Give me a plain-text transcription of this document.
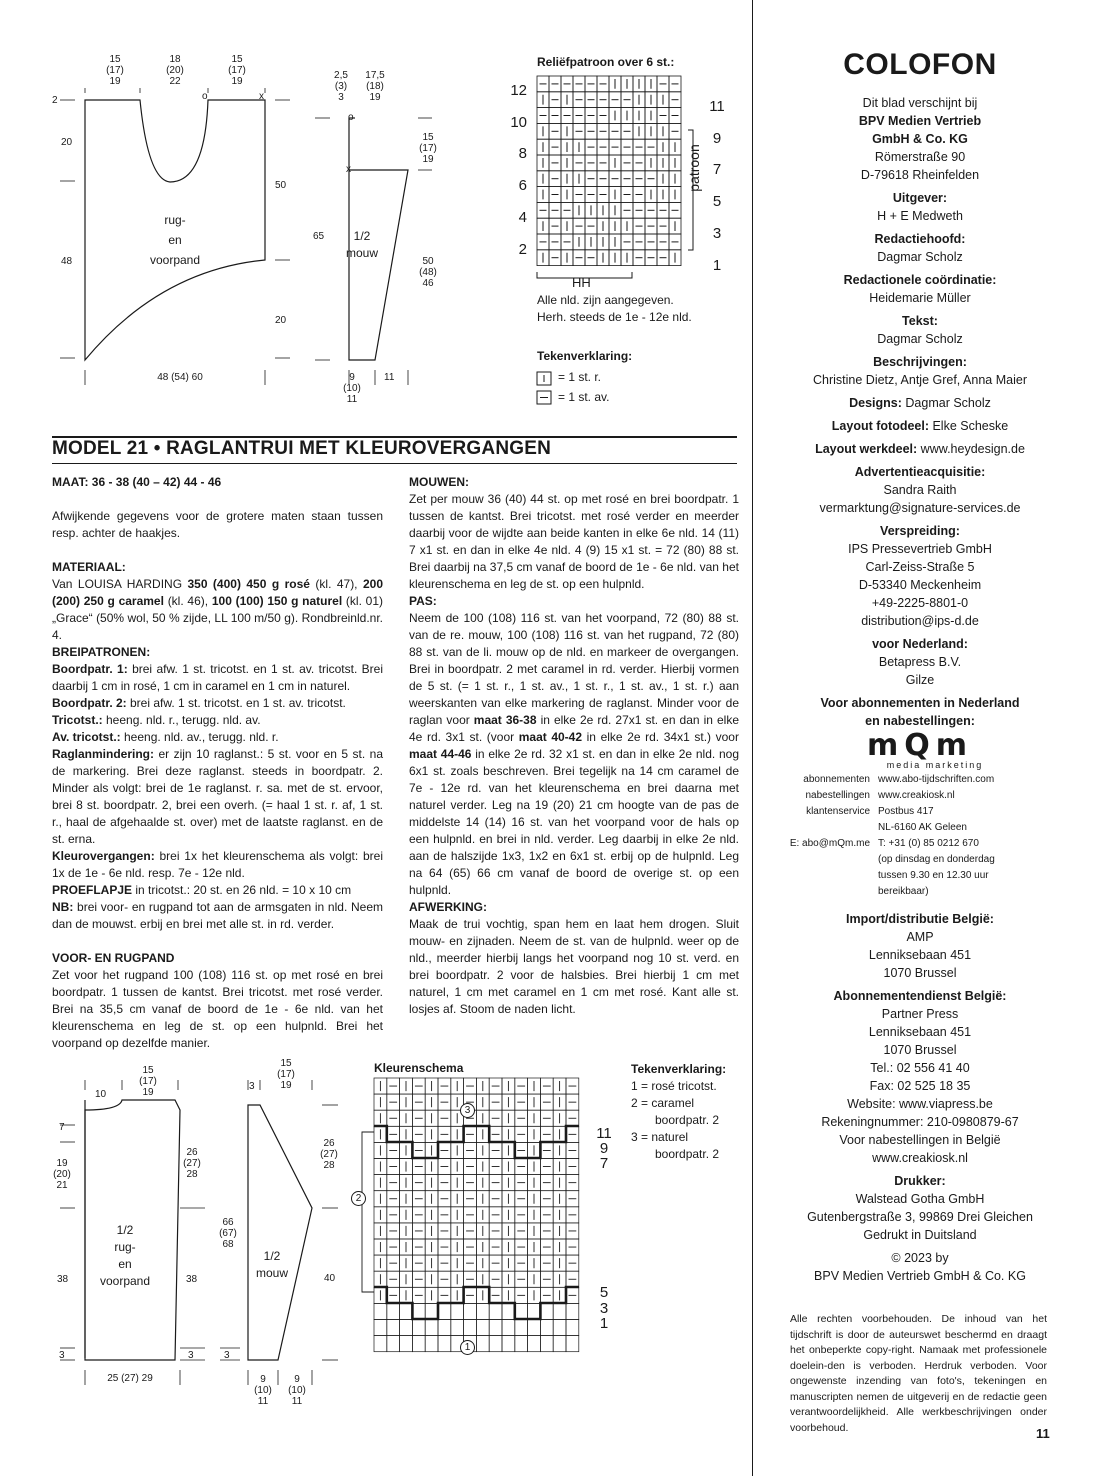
15
(17)
19
18
(20)
22
15
(17)
19
o	x
2
20
48
50
20
rug-
en
voorpand
48 (54) 60
2,5
(3)
3
17,5
(18)
19
o
x
15
(17)
19
50
(48)
46
65	1/2
mouw
9
(10)
11
11
Reliëfpatroon over 6 st.:
12
10
8
6
4
2
11
9
7
5
3
1
patroon
HH
Alle nld. zijn aangegeven.
Herh. steeds de 1e - 12e nld.
Tekenverklaring:
= 1 st. r.
= 1 st. av.
MODEL 21 • RAGLANTRUI MET KLEUROVERGANGEN

MAAT: 36 - 38 (40 – 42) 44 - 46

Afwijkende gegevens voor de grotere maten staan tussen resp. achter de haakjes.

MATERIAAL:

Van LOUISA HARDING 350 (400) 450 g rosé (kl. 47), 200 (200) 250 g caramel (kl. 46), 100 (100) 150 g naturel (kl. 01) „Grace“ (50% wol, 50 % zijde, LL 100 m/50 g). Rondbreinld.nr. 4.

BREIPATRONEN:

Boordpatr. 1: brei afw. 1 st. tricotst. en 1 st. av. tricotst. Brei daarbij 1 cm in rosé, 1 cm in caramel en 1 cm in naturel.

Boordpatr. 2: brei afw. 1 st. tricotst. en 1 st. av. tricotst.

Tricotst.: heeng. nld. r., terugg. nld. av.

Av. tricotst.: heeng. nld. av., terugg. nld. r.

Raglanmindering: er zijn 10 raglanst.: 5 st. voor en 5 st. na de markering. Brei deze raglanst. steeds in boordpatr. 2. Minder als volgt: brei de 1e raglanst. r. sa. met de st. ervoor, brei 8 st. boordpatr. 2, brei een overh. (= haal 1 st. r. af, 1 st. r., haal de afgehaalde st. over) met de laatste raglanst. en de st. erna.

Kleurovergangen: brei 1x het kleurenschema als volgt: brei 1x de 1e - 6e nld. resp. 7e - 12e nld.

PROEFLAPJE in tricotst.: 20 st. en 26 nld. = 10 x 10 cm

NB: brei voor- en rugpand tot aan de armsgaten in nld. Neem dan de mouwst. erbij en brei met alle st. in rd. verder.

VOOR- EN RUGPAND

Zet voor het rugpand 100 (108) 116 st. op met rosé en brei boordpatr. 1 tussen de kantst. Brei tricotst. met rosé verder. Brei na 35,5 cm vanaf de boord de 1e - 6e nld. van het kleurenschema en leg de st. op een hulpnld. Brei het voorpand op dezelfde manier.

MOUWEN:

Zet per mouw 36 (40) 44 st. op met rosé en brei boordpatr. 1 tussen de kantst. Brei tricotst. met rosé verder en meerder daarbij voor de wijdte aan beide kanten in elke 6e nld. 14 (11) 7 x1 st. en dan in elke 4e nld. 4 (9) 15 x1 st. = 72 (80) 88 st. Brei daarbij na 37,5 cm vanaf de boord de 1e - 6e nld. van het kleurenschema en leg de st. op een hulpnld.

PAS:

Neem de 100 (108) 116 st. van het voorpand, 72 (80) 88 st. van de re. mouw, 100 (108) 116 st. van het rugpand, 72 (80) 88 st. van de li. mouw op de nld. en markeer de overgangen. Brei in boordpatr. 2 met caramel in rd. verder. Hierbij vormen de 5 st. (= 1 st. r., 1 st. av., 1 st. r., 1 st. av., 1 st. r.) aan weerskanten van elke markering de raglanst. Minder voor de raglan voor maat 36-38 in elke 2e rd. 27x1 st. en dan in elke 4e rd. 3x1 st. (voor maat 40-42 in elke 2e rd. 34x1 st.) voor maat 44-46 in elke 2e rd. 32 x1 st. en dan in elke 2e nld. nog 6x1 st. zoals beschreven. Brei tegelijk na 14 cm caramel de 7e - 12e rd. van het kleurenschema en brei daarna met naturel verder. Leg na 19 (20) 21 cm hoogte van de pas de middelste 14 (14) 16 st. van het voorpand voor de hals op een hulpnld. en brei in nld. verder. Leg daarbij in elke 2e nld. aan de halszijde 1x3, 1x2 en 6x1 st. erbij op de hulpnld. Leg na 64 (65) 66 cm vanaf de boord de overige st. op een hulpnld.

AFWERKING:

Maak de trui vochtig, span hem en laat hem drogen. Sluit mouw- en zijnaden. Neem de st. van de hulpnld. weer op de nld., meerder hierbij langs het voorpand nog 10 st. verd. en brei boordpatr. 2 voor de halsbies. Brei hierbij 1 cm met naturel, 1 cm met caramel en 1 cm met rosé. Kant alle st. losjes af. Stoom de naden licht.

10
15
(17)
19
7
19
(20)
21
38
3
26
(27)
28
38
3
1/2
rug-
en
voorpand
25 (27) 29
3
15
(17)
19
66
(67)
68
3
26
(27)
28
40
1/2
mouw
9
(10)
11
9
(10)
11
Kleurenschema
11
9
7
5
3
1
3
2
1
Tekenverklaring:
1 = rosé tricotst.
2 = caramel
boordpatr. 2
3 = naturel
boordpatr. 2
COLOFON
Dit blad verschijnt bij
BPV Medien Vertrieb
GmbH & Co. KG
Römerstraße 90
D-79618 Rheinfelden
Uitgever:
H + E Medweth
Redactiehoofd:
Dagmar Scholz
Redactionele coördinatie:
Heidemarie Müller
Tekst:
Dagmar Scholz
Beschrijvingen:
Christine Dietz, Antje Gref, Anna Maier
Designs: Dagmar Scholz
Layout fotodeel: Elke Scheske
Layout werkdeel: www.heydesign.de
Advertentieacquisitie:
Sandra Raith
vermarktung@signature-services.de
Verspreiding:
IPS Pressevertrieb GmbH
Carl-Zeiss-Straße 5
D-53340 Meckenheim
+49-2225-8801-0
distribution@ips-d.de
voor Nederland:
Betapress B.V.
Gilze
Voor abonnementen in Nederland
en nabestellingen:
mQm
media marketing
abonnementen www.abo-tijdschriften.com
nabestellingen www.creakiosk.nl
klantenservice Postbus 417
NL-6160 AK Geleen
E: abo@mQm.me T: +31 (0) 85 0212 670
(op dinsdag en donderdag
tussen 9.30 en 12.30 uur
bereikbaar)
Import/distributie België:
AMP
Lenniksebaan 451
1070 Brussel
Abonnementendienst België:
Partner Press
Lenniksebaan 451
1070 Brussel
Tel.: 02 556 41 40
Fax: 02 525 18 35
Website: www.viapress.be
Rekeningnummer: 210-0980879-67
Voor nabestellingen in België
www.creakiosk.nl
Drukker:
Walstead Gotha GmbH
Gutenbergstraße 3, 99869 Drei Gleichen
Gedrukt in Duitsland
© 2023 by
BPV Medien Vertrieb GmbH & Co. KG
Alle rechten voorbehouden. De inhoud van het tijdschrift is door de auteurswet beschermd en draagt het onbeperkte copy-right. Namaak met professionele doelein-den is verboden. Herdruk verboden. Voor ongewenste inzending van foto's, tekeningen en manuscripten nemen de uitgeverij en de redactie geen verantwoordelijkheid. Alle werkbeschrijvingen onder voorbehoud.	11
